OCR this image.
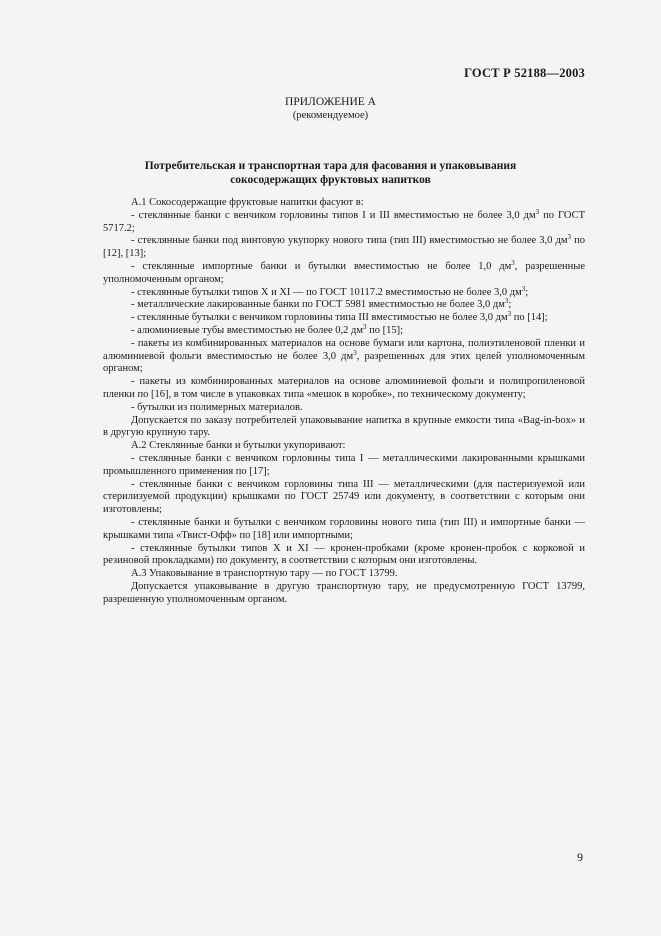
ГОСТ Р 52188—2003
ПРИЛОЖЕНИЕ А
(рекомендуемое)
Потребительская и транспортная тара для фасования и упаковывания
сокосодержащих фруктовых напитков

А.1 Сокосодержащие фруктовые напитки фасуют в:

- стеклянные банки с венчиком горловины типов I и III вместимостью не более 3,0 $дм^3$ по ГОСТ 5717.2;

- стеклянные банки под винтовую укупорку нового типа (тип III) вместимостью не более 3,0 $дм^3$ по [12], [13];

- стеклянные импортные банки и бутылки вместимостью не более 1,0 $дм^3$, разрешенные уполномоченным органом;

- стеклянные бутылки типов X и XI — по ГОСТ 10117.2 вместимостью не более 3,0 $дм^3$;

- металлические лакированные банки по ГОСТ 5981 вместимостью не более 3,0 $дм^3$;

- стеклянные бутылки с венчиком горловины типа III вместимостью не более 3,0 $дм^3$ по [14];

- алюминиевые тубы вместимостью не более 0,2 $дм^3$ по [15];

- пакеты из комбинированных материалов на основе бумаги или картона, полиэтиленовой пленки и алюминиевой фольги вместимостью не более 3,0 $дм^3$, разрешенных для этих целей уполномоченным органом;

- пакеты из комбинированных материалов на основе алюминиевой фольги и полипропиленовой пленки по [16], в том числе в упаковках типа «мешок в коробке», по техническому документу;

- бутылки из полимерных материалов.

Допускается по заказу потребителей упаковывание напитка в крупные емкости типа «Bag-in-box» и в другую крупную тару.

А.2 Стеклянные банки и бутылки укупоривают:

- стеклянные банки с венчиком горловины типа I — металлическими лакированными крышками промышленного применения по [17];

- стеклянные банки с венчиком горловины типа III — металлическими (для пастеризуемой или стерилизуемой продукции) крышками по ГОСТ 25749 или документу, в соответствии с которым они изготовлены;

- стеклянные банки и бутылки с венчиком горловины нового типа (тип III) и импортные банки — крышками типа «Твист-Офф» по [18] или импортными;

- стеклянные бутылки типов X и XI — кронен-пробками (кроме кронен-пробок с корковой и резиновой прокладками) по документу, в соответствии с которым они изготовлены.

А.3 Упаковывание в транспортную тару — по ГОСТ 13799.

Допускается упаковывание в другую транспортную тару, не предусмотренную ГОСТ 13799, разрешенную уполномоченным органом.

9
